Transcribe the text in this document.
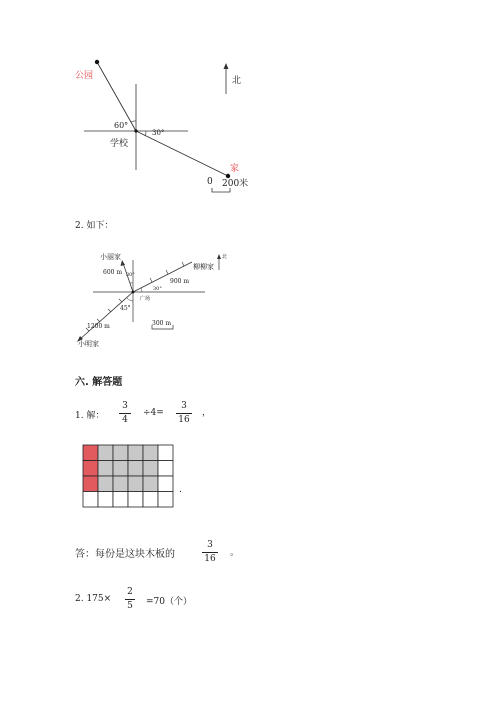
公园
60°
30°
学校
家
北
0 200米
2. 如下：
小丽家
600 m 30°
柳柳家
北
900 m
30°
广场
45°
300 m
1200 m
小明家
六. 解答题
1. 解：
3
4
÷4=
3
16
，
.
答：每份是这块木板的
3
16
。
2. 175×
2
5 =70（个）
